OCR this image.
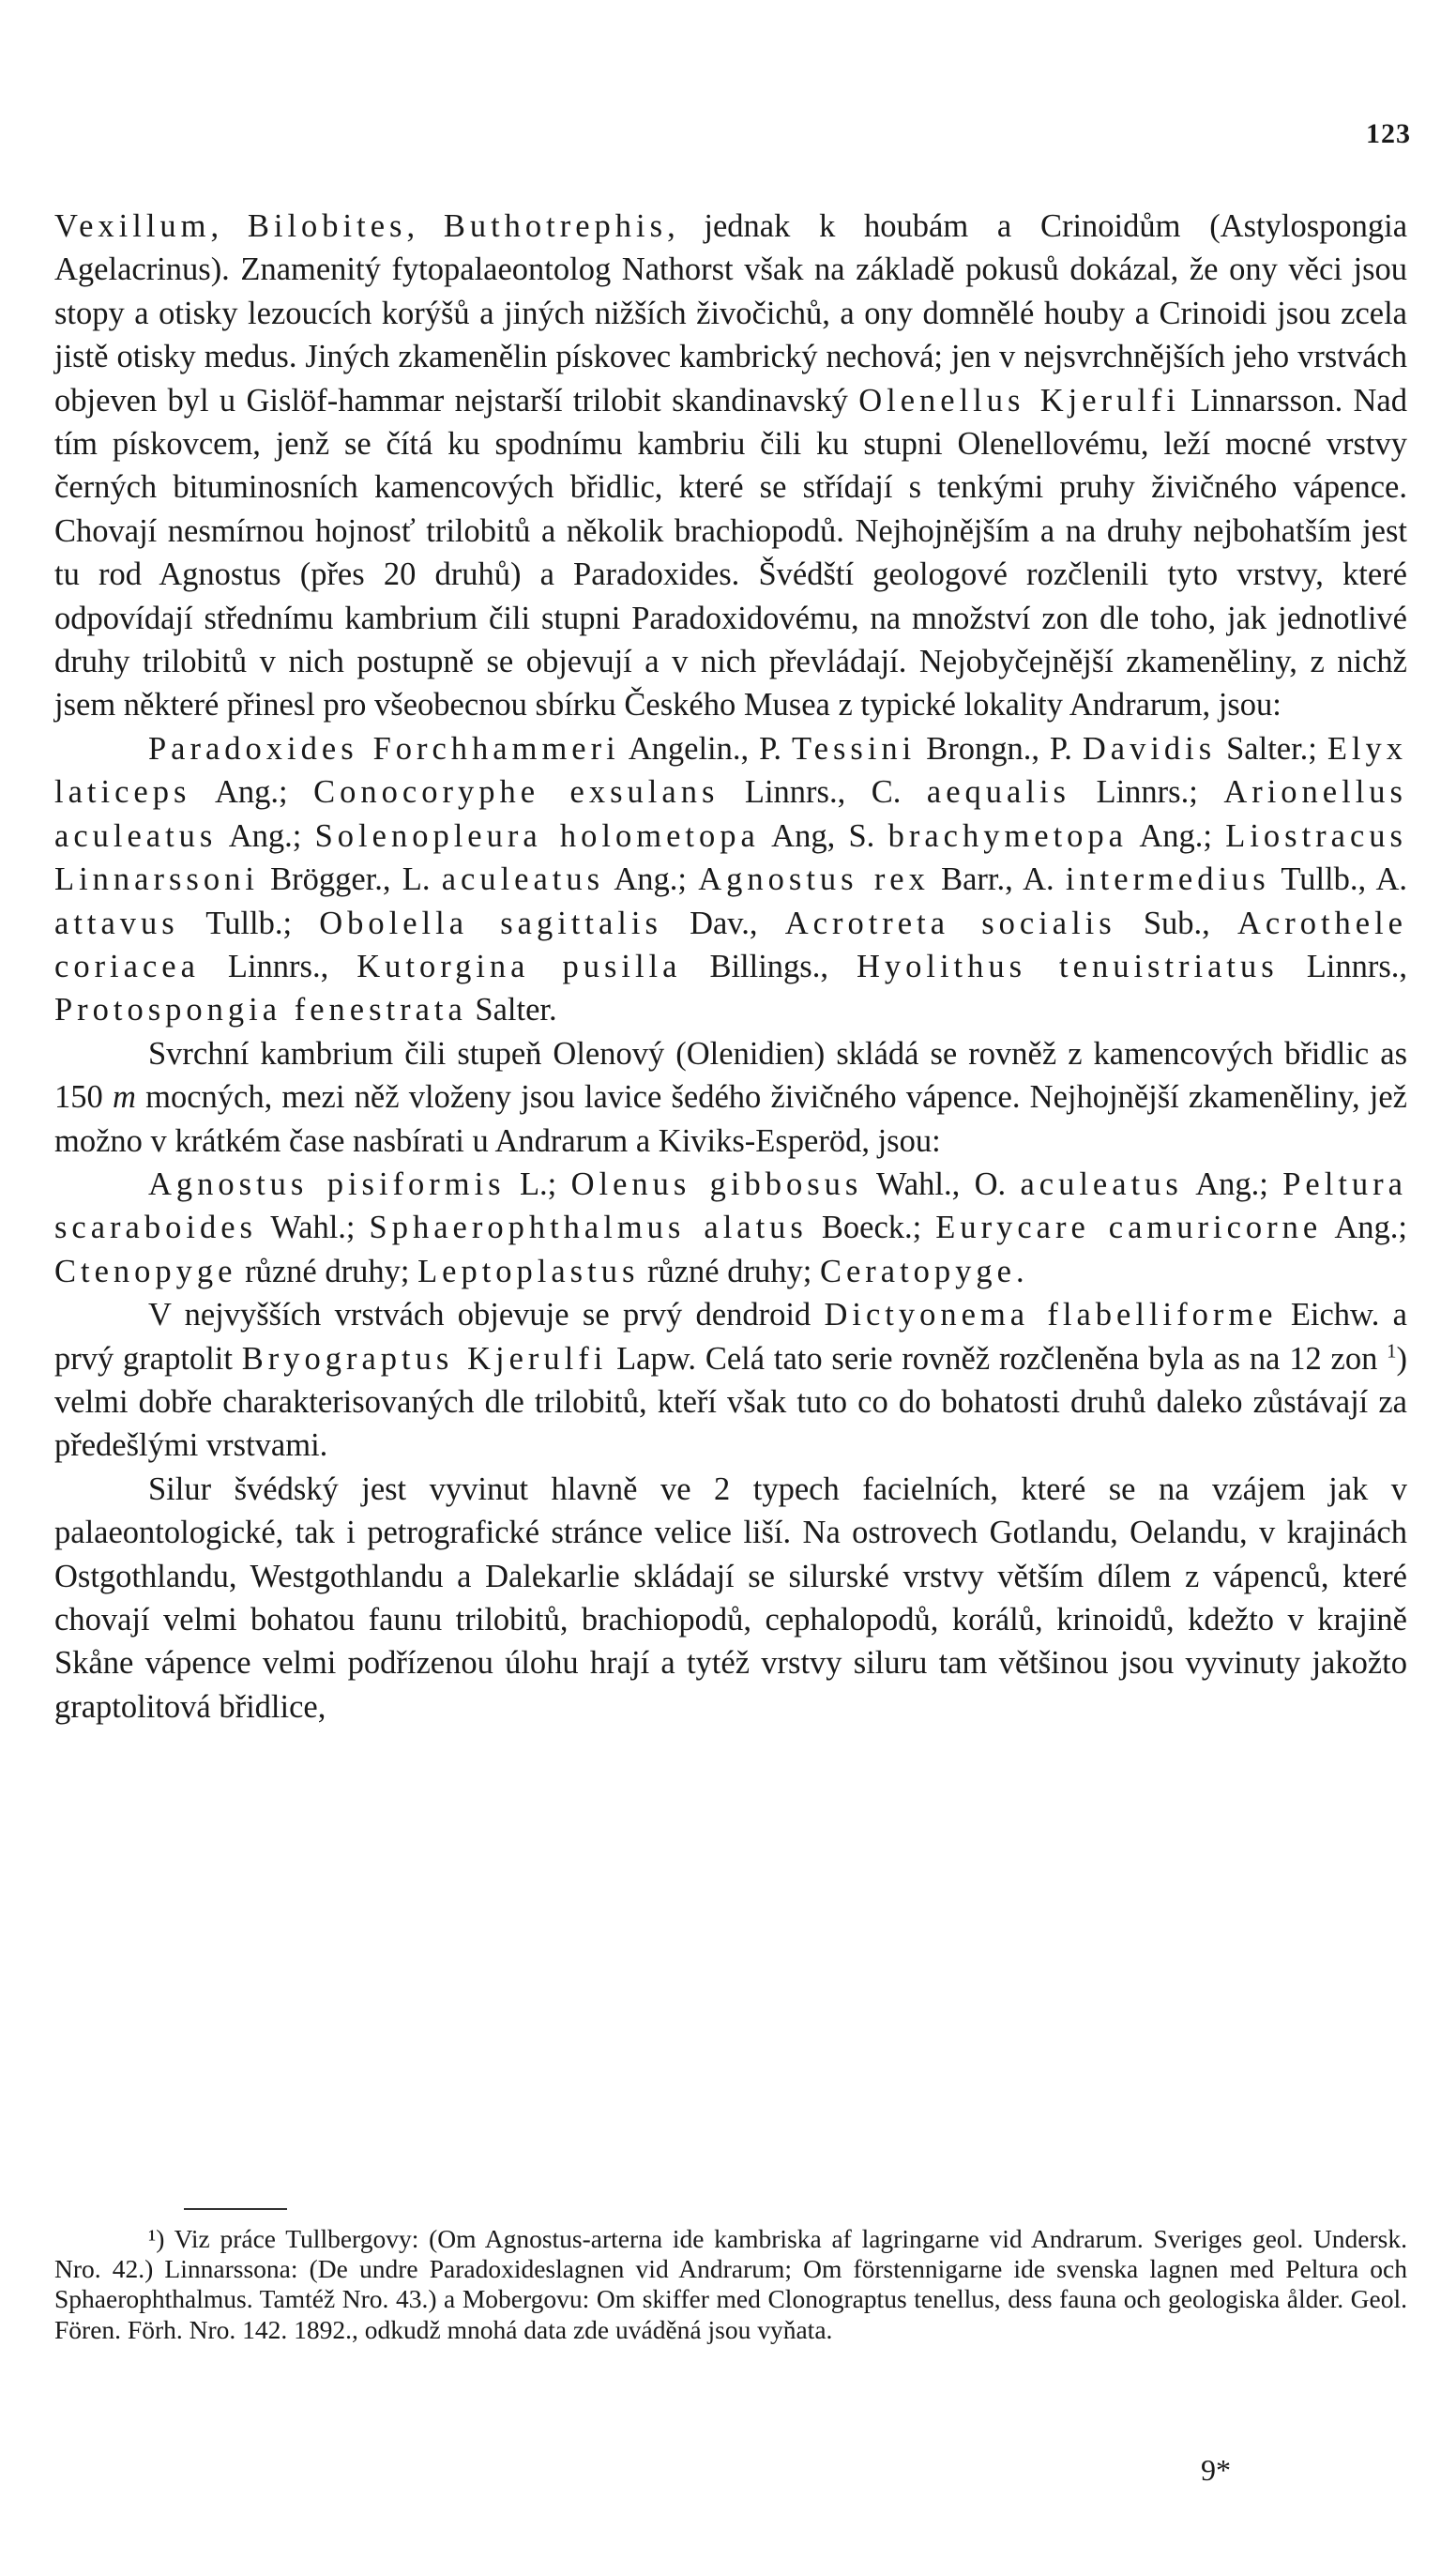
123

Vexillum, Bilobites, Buthotrephis, jednak k houbám a Crinoidům (Astylospongia Agelacrinus). Znamenitý fytopalaeontolog Nathorst však na základě pokusů dokázal, že ony věci jsou stopy a otisky lezoucích korýšů a jiných nižších živočichů, a ony domnělé houby a Crinoidi jsou zcela jistě otisky medus. Jiných zkamenělin pískovec kambrický nechová; jen v nejsvrchnějších jeho vrstvách objeven byl u Gislöf-hammar nejstarší trilobit skandinavský Olenellus Kjerulfi Linnarsson. Nad tím pískovcem, jenž se čítá ku spodnímu kambriu čili ku stupni Olenellovému, leží mocné vrstvy černých bituminosních kamencových břidlic, které se střídají s tenkými pruhy živičného vápence. Chovají nesmírnou hojnosť trilobitů a několik brachiopodů. Nejhojnějším a na druhy nejbohatším jest tu rod Agnostus (přes 20 druhů) a Paradoxides. Švédští geologové rozčlenili tyto vrstvy, které odpovídají střednímu kambrium čili stupni Paradoxidovému, na množství zon dle toho, jak jednotlivé druhy trilobitů v nich postupně se objevují a v nich převládají. Nejobyčejnější zkameněliny, z nichž jsem některé přinesl pro všeobecnou sbírku Českého Musea z typické lokality Andrarum, jsou:

Paradoxides Forchhammeri Angelin., P. Tessini Brongn., P. Davidis Salter.; Elyx laticeps Ang.; Conocoryphe exsulans Linnrs., C. aequalis Linnrs.; Arionellus aculeatus Ang.; Solenopleura holometopa Ang, S. brachymetopa Ang.; Liostracus Linnarssoni Brögger., L. aculeatus Ang.; Agnostus rex Barr., A. intermedius Tullb., A. attavus Tullb.; Obolella sagittalis Dav., Acrotreta socialis Sub., Acrothele coriacea Linnrs., Kutorgina pusilla Billings., Hyolithus tenuistriatus Linnrs., Protospongia fenestrata Salter.

Svrchní kambrium čili stupeň Olenový (Olenidien) skládá se rovněž z kamencových břidlic as 150 m mocných, mezi něž vloženy jsou lavice šedého živičného vápence. Nejhojnější zkameněliny, jež možno v krátkém čase nasbírati u Andrarum a Kiviks-Esperöd, jsou:

Agnostus pisiformis L.; Olenus gibbosus Wahl., O. aculeatus Ang.; Peltura scaraboides Wahl.; Sphaerophthalmus alatus Boeck.; Eurycare camuricorne Ang.; Ctenopyge různé druhy; Leptoplastus různé druhy; Ceratopyge.

V nejvyšších vrstvách objevuje se prvý dendroid Dictyonema flabelliforme Eichw. a prvý graptolit Bryograptus Kjerulfi Lapw. Celá tato serie rovněž rozčleněna byla as na 12 zon $^1$) velmi dobře charakterisovaných dle trilobitů, kteří však tuto co do bohatosti druhů daleko zůstávají za předešlými vrstvami.

Silur švédský jest vyvinut hlavně ve 2 typech facielních, které se na vzájem jak v palaeontologické, tak i petrografické stránce velice liší. Na ostrovech Gotlandu, Oelandu, v krajinách Ostgothlandu, Westgothlandu a Dalekarlie skládají se silurské vrstvy větším dílem z vápenců, které chovají velmi bohatou faunu trilobitů, brachiopodů, cephalopodů, korálů, krinoidů, kdežto v krajině Skåne vápence velmi podřízenou úlohu hrají a tytéž vrstvy siluru tam většinou jsou vyvinuty jakožto graptolitová břidlice,

¹) Viz práce Tullbergovy: (Om Agnostus-arterna ide kambriska af lagringarne vid Andrarum. Sveriges geol. Undersk. Nro. 42.) Linnarssona: (De undre Paradoxideslagnen vid Andrarum; Om förstennigarne ide svenska lagnen med Peltura och Sphaerophthalmus. Tamtéž Nro. 43.) a Mobergovu: Om skiffer med Clonograptus tenellus, dess fauna och geologiska ålder. Geol. Fören. Förh. Nro. 142. 1892., odkudž mnohá data zde uváděná jsou vyňata.
9*
